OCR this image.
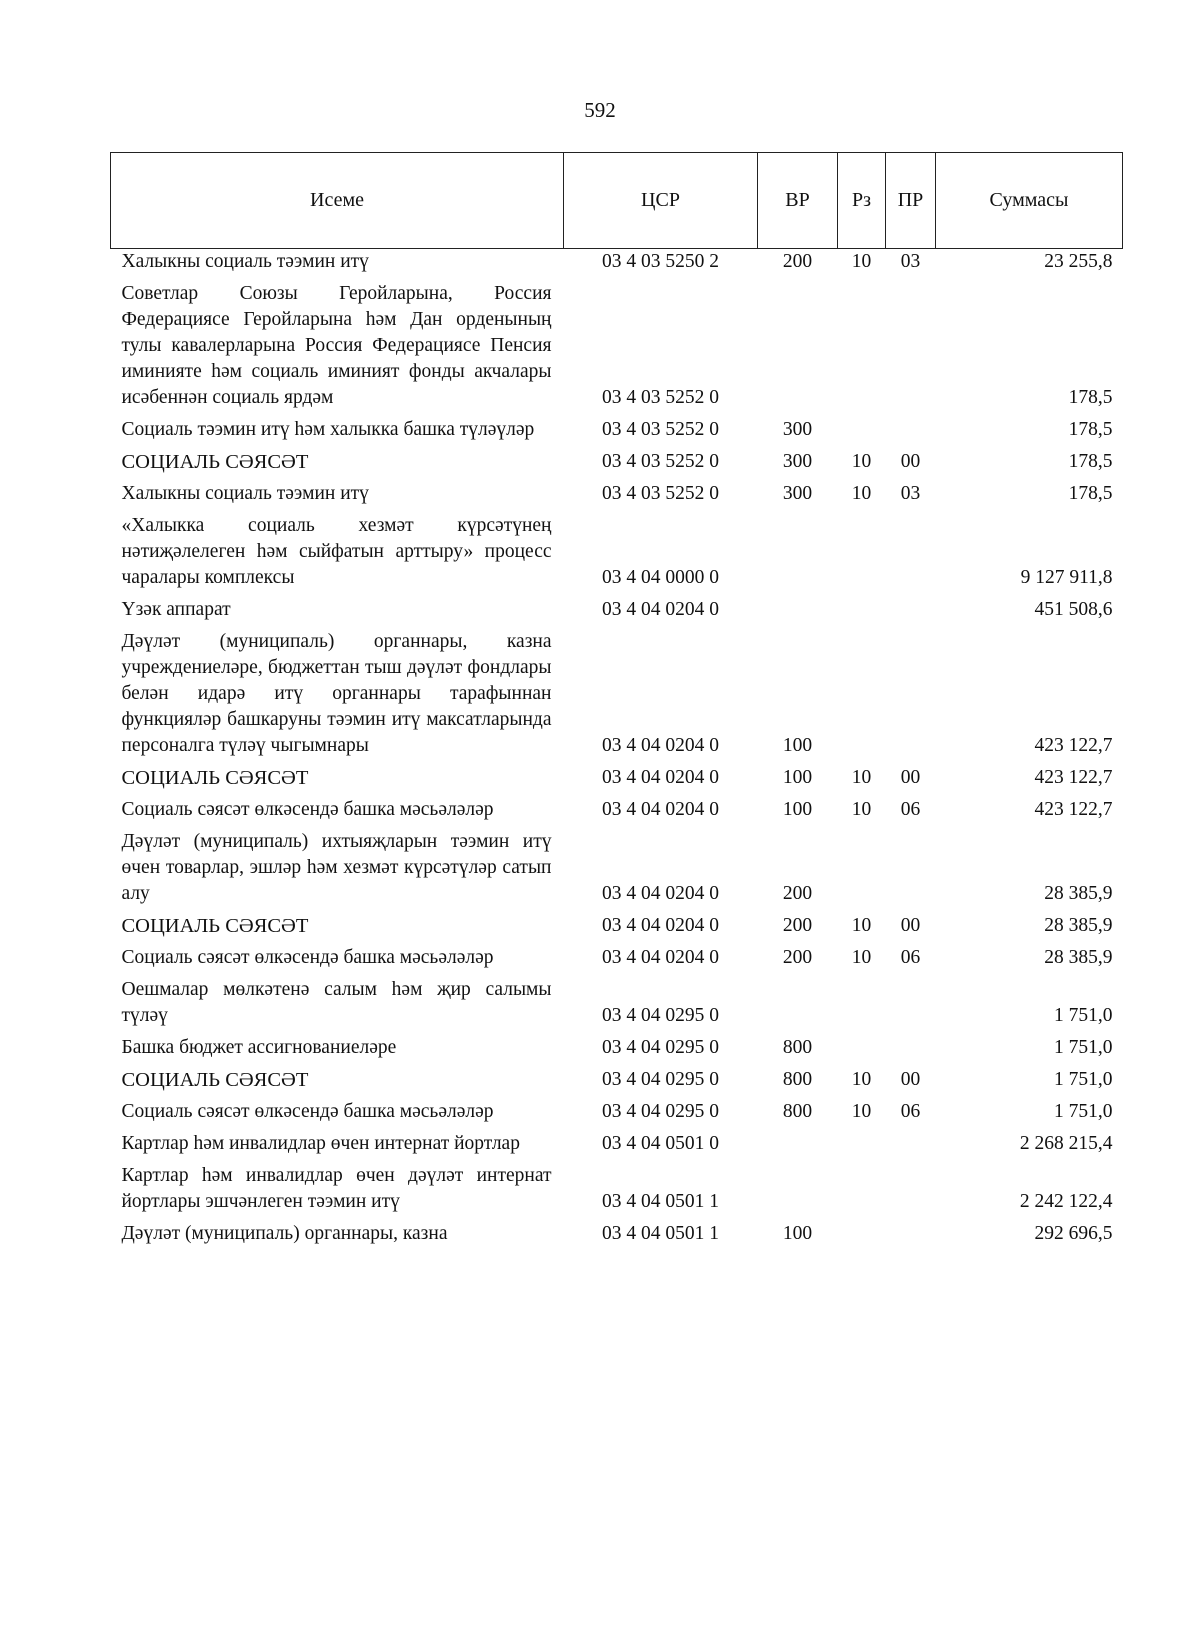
592
Исеме	ЦСР	ВР	Рз	ПР	Суммасы
Халыкны социаль тәэмин итү	03 4 03 5250 2	200	10	03	23 255,8
Советлар Союзы Геройларына, Россия Федерациясе Геройларына һәм Дан орденының тулы кавалерларына Россия Федерациясе Пенсия иминияте һәм социаль иминият фонды акчалары исәбеннән социаль ярдәм	03 4 03 5252 0				178,5
Социаль тәэмин итү һәм халыкка башка түләүләр	03 4 03 5252 0	300			178,5
СОЦИАЛЬ СӘЯСӘТ	03 4 03 5252 0	300	10	00	178,5
Халыкны социаль тәэмин итү	03 4 03 5252 0	300	10	03	178,5
«Халыкка социаль хезмәт күрсәтүнең нәтиҗәлелеген һәм сыйфатын арттыру» процесс чаралары комплексы	03 4 04 0000 0				9 127 911,8
Үзәк аппарат	03 4 04 0204 0				451 508,6
Дәүләт (муниципаль) органнары, казна учреждениеләре, бюджеттан тыш дәүләт фондлары белән идарә итү органнары тарафыннан функцияләр башкаруны тәэмин итү максатларында персоналга түләү чыгымнары	03 4 04 0204 0	100			423 122,7
СОЦИАЛЬ СӘЯСӘТ	03 4 04 0204 0	100	10	00	423 122,7
Социаль сәясәт өлкәсендә башка мәсьәләләр	03 4 04 0204 0	100	10	06	423 122,7
Дәүләт (муниципаль) ихтыяҗларын тәэмин итү өчен товарлар, эшләр һәм хезмәт күрсәтүләр сатып алу	03 4 04 0204 0	200			28 385,9
СОЦИАЛЬ СӘЯСӘТ	03 4 04 0204 0	200	10	00	28 385,9
Социаль сәясәт өлкәсендә башка мәсьәләләр	03 4 04 0204 0	200	10	06	28 385,9
Оешмалар мөлкәтенә салым һәм җир салымы түләү	03 4 04 0295 0				1 751,0
Башка бюджет ассигнованиеләре	03 4 04 0295 0	800			1 751,0
СОЦИАЛЬ СӘЯСӘТ	03 4 04 0295 0	800	10	00	1 751,0
Социаль сәясәт өлкәсендә башка мәсьәләләр	03 4 04 0295 0	800	10	06	1 751,0
Картлар һәм инвалидлар өчен интернат йортлар	03 4 04 0501 0				2 268 215,4
Картлар һәм инвалидлар өчен дәүләт интернат йортлары эшчәнлеген тәэмин итү	03 4 04 0501 1				2 242 122,4
Дәүләт (муниципаль) органнары, казна	03 4 04 0501 1	100			292 696,5
